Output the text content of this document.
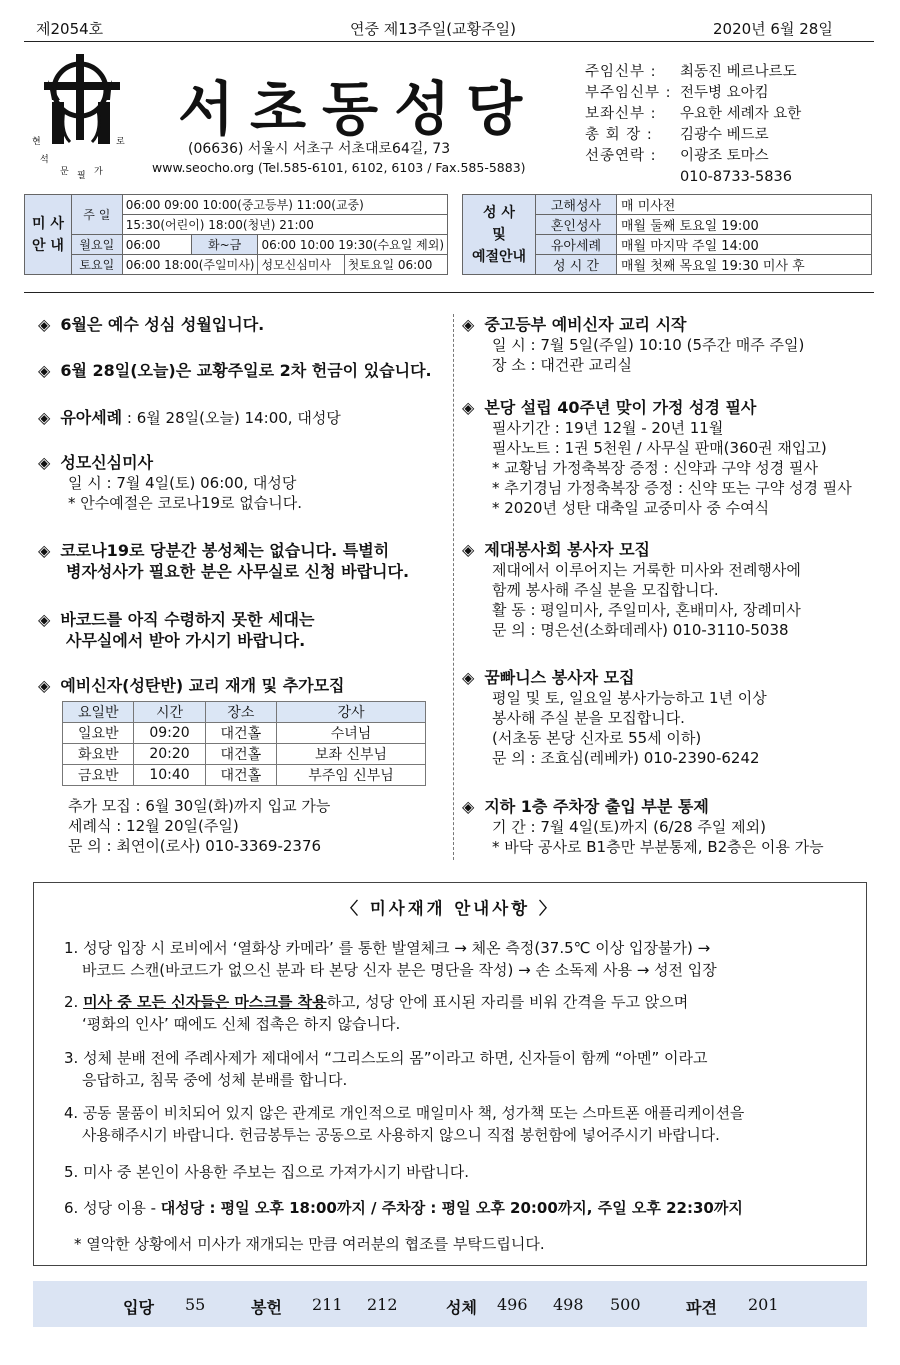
제2054호	연중 제13주일(교황주일)	2020년 6월 28일
현
석
문 필 가
로 서초동성당
(06636) 서울시 서초구 서초대로64길, 73
www.seocho.org (Tel.585-6101, 6102, 6103 / Fax.585-5883)
주임신부 :	최동진 베르나르도
부주임신부 : 전두병 요아킴
보좌신부 :	우요한 세례자 요한
총 회 장 :	김광수 베드로
선종연락 :	이광조 토마스
010-8733-5836
미 사 안 내	주 일	06:00 09:00 10:00(중고등부) 11:00(교중)			
		15:30(어린이) 18:00(청년) 21:00			
	월요일	06:00	화~금	06:00 10:00 19:30(수요일 제외)	
	토요일	06:00 18:00(주일미사)		성모신심미사	첫토요일 06:00
성 사
및
예절안내	고해성사	매 미사전
	혼인성사	매월 둘째 토요일 19:00
	유아세례	매월 마지막 주일 14:00
	성 시 간	매월 첫째 목요일 19:30 미사 후
◈ 6월은 예수 성심 성월입니다.
◈ 6월 28일(오늘)은 교황주일로 2차 헌금이 있습니다.
◈ 유아세례 : 6월 28일(오늘) 14:00, 대성당
◈ 성모신심미사
일 시 : 7월 4일(토) 06:00, 대성당
* 안수예절은 코로나19로 없습니다.
◈ 코로나19로 당분간 봉성체는 없습니다. 특별히
병자성사가 필요한 분은 사무실로 신청 바랍니다.
◈ 바코드를 아직 수령하지 못한 세대는
사무실에서 받아 가시기 바랍니다.
◈ 예비신자(성탄반) 교리 재개 및 추가모집
요일반	시간	장소	강사
일요반	09:20	대건홀	수녀님
화요반	20:20	대건홀	보좌 신부님
금요반	10:40	대건홀	부주임 신부님
추가 모집 : 6월 30일(화)까지 입교 가능
세례식 : 12월 20일(주일)
문 의 : 최연이(로사) 010-3369-2376
◈ 중고등부 예비신자 교리 시작
일 시 : 7월 5일(주일) 10:10 (5주간 매주 주일)
장 소 : 대건관 교리실
◈ 본당 설립 40주년 맞이 가정 성경 필사
필사기간 : 19년 12월 - 20년 11월
필사노트 : 1권 5천원 / 사무실 판매(360권 재입고)
* 교황님 가정축복장 증정 : 신약과 구약 성경 필사
* 추기경님 가정축복장 증정 : 신약 또는 구약 성경 필사
* 2020년 성탄 대축일 교중미사 중 수여식
◈ 제대봉사회 봉사자 모집
제대에서 이루어지는 거룩한 미사와 전례행사에
함께 봉사해 주실 분을 모집합니다.
활 동 : 평일미사, 주일미사, 혼배미사, 장례미사
문 의 : 명은선(소화데레사) 010-3110-5038
◈ 꿈빠니스 봉사자 모집
평일 및 토, 일요일 봉사가능하고 1년 이상
봉사해 주실 분을 모집합니다.
(서초동 본당 신자로 55세 이하)
문 의 : 조효심(레베카) 010-2390-6242
◈ 지하 1층 주차장 출입 부분 통제
기 간 : 7월 4일(토)까지 (6/28 주일 제외)
* 바닥 공사로 B1층만 부분통제, B2층은 이용 가능
〈 미사재개 안내사항 〉
1. 성당 입장 시 로비에서 ‘열화상 카메라’ 를 통한 발열체크 → 체온 측정(37.5℃ 이상 입장불가) →
바코드 스캔(바코드가 없으신 분과 타 본당 신자 분은 명단을 작성) → 손 소독제 사용 → 성전 입장
2. 미사 중 모든 신자들은 마스크를 착용하고, 성당 안에 표시된 자리를 비워 간격을 두고 앉으며
‘평화의 인사’ 때에도 신체 접촉은 하지 않습니다.
3. 성체 분배 전에 주례사제가 제대에서 “그리스도의 몸”이라고 하면, 신자들이 함께 “아멘” 이라고
응답하고, 침묵 중에 성체 분배를 합니다.
4. 공동 물품이 비치되어 있지 않은 관계로 개인적으로 매일미사 책, 성가책 또는 스마트폰 애플리케이션을
사용해주시기 바랍니다. 헌금봉투는 공동으로 사용하지 않으니 직접 봉헌함에 넣어주시기 바랍니다.
5. 미사 중 본인이 사용한 주보는 집으로 가져가시기 바랍니다.
6. 성당 이용 - 대성당 : 평일 오후 18:00까지 / 주차장 : 평일 오후 20:00까지, 주일 오후 22:30까지
* 열악한 상황에서 미사가 재개되는 만큼 여러분의 협조를 부탁드립니다.
입당 55	봉헌 211 212	성체 496 498 500	파견 201
